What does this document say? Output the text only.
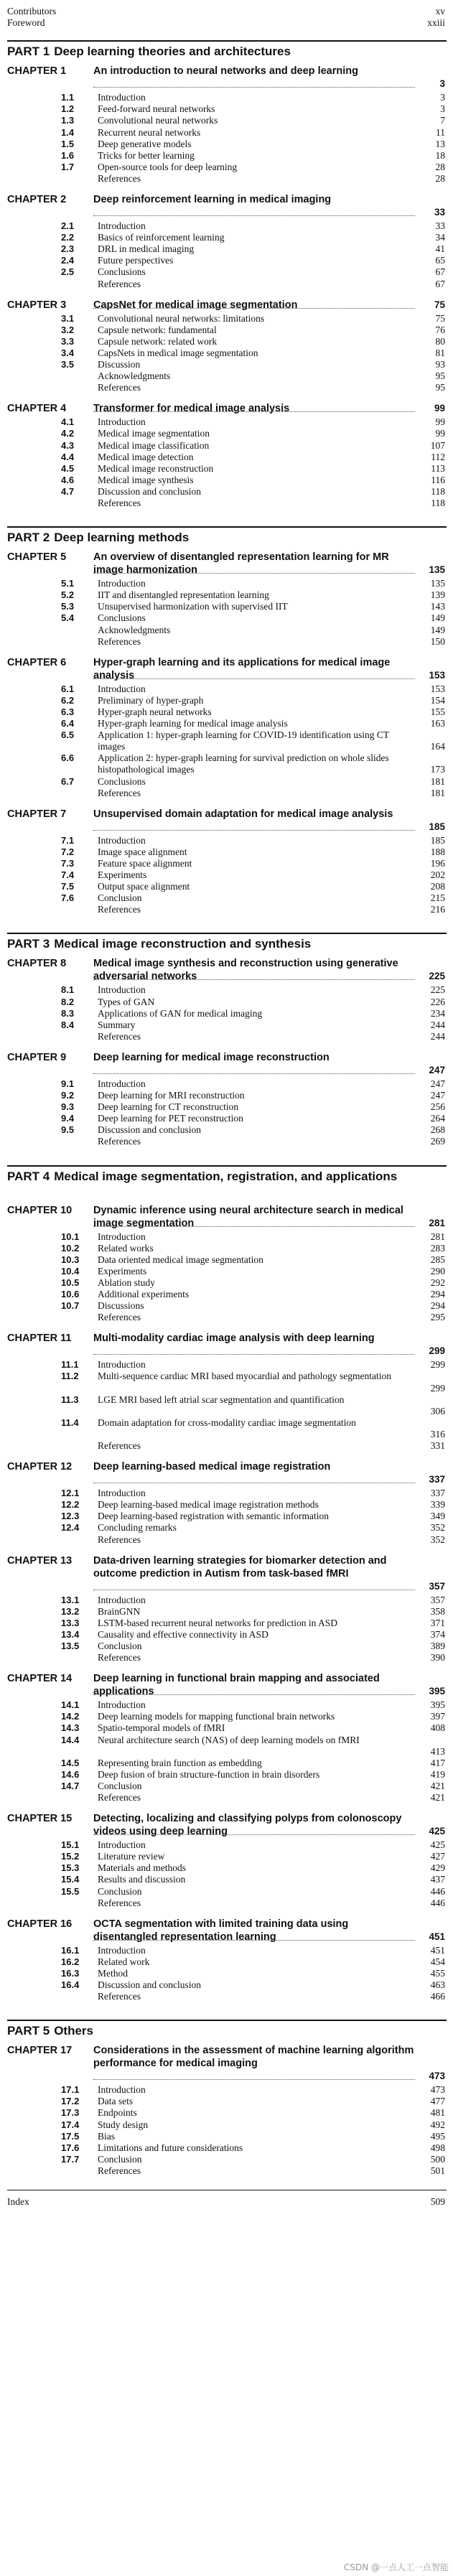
Contributors	xv
Foreword	xxiii
PART 1 Deep learning theories and architectures
CHAPTER 1	An introduction to neural networks and deep learning
3
1.1	Introduction	3
1.2	Feed-forward neural networks	3
1.3	Convolutional neural networks	7
1.4	Recurrent neural networks	11
1.5	Deep generative models	13
1.6	Tricks for better learning	18
1.7	Open-source tools for deep learning	28
References	28
CHAPTER 2	Deep reinforcement learning in medical imaging
33
2.1	Introduction	33
2.2	Basics of reinforcement learning	34
2.3	DRL in medical imaging	41
2.4	Future perspectives	65
2.5	Conclusions	67
References	67
CHAPTER 3	CapsNet for medical image segmentation	75
3.1	Convolutional neural networks: limitations	75
3.2	Capsule network: fundamental	76
3.3	Capsule network: related work	80
3.4	CapsNets in medical image segmentation	81
3.5	Discussion	93
Acknowledgments	95
References	95
CHAPTER 4	Transformer for medical image analysis	99
4.1	Introduction	99
4.2	Medical image segmentation	99
4.3	Medical image classification	107
4.4	Medical image detection	112
4.5	Medical image reconstruction	113
4.6	Medical image synthesis	116
4.7	Discussion and conclusion	118
References	118
PART 2 Deep learning methods
CHAPTER 5	An overview of disentangled representation learning for MR image harmonization	135
5.1	Introduction	135
5.2	IIT and disentangled representation learning	139
5.3	Unsupervised harmonization with supervised IIT	143
5.4	Conclusions	149
Acknowledgments	149
References	150
CHAPTER 6	Hyper-graph learning and its applications for medical image analysis	153
6.1	Introduction	153
6.2	Preliminary of hyper-graph	154
6.3	Hyper-graph neural networks	155
6.4	Hyper-graph learning for medical image analysis	163
6.5	Application 1: hyper-graph learning for COVID-19 identification using CT images	164
6.6	Application 2: hyper-graph learning for survival prediction on whole slides histopathological images	173
6.7	Conclusions	181
References	181
CHAPTER 7	Unsupervised domain adaptation for medical image analysis
185
7.1	Introduction	185
7.2	Image space alignment	188
7.3	Feature space alignment	196
7.4	Experiments	202
7.5	Output space alignment	208
7.6	Conclusion	215
References	216
PART 3 Medical image reconstruction and synthesis
CHAPTER 8	Medical image synthesis and reconstruction using generative adversarial networks	225
8.1	Introduction	225
8.2	Types of GAN	226
8.3	Applications of GAN for medical imaging	234
8.4	Summary	244
References	244
CHAPTER 9	Deep learning for medical image reconstruction
247
9.1	Introduction	247
9.2	Deep learning for MRI reconstruction	247
9.3	Deep learning for CT reconstruction	256
9.4	Deep learning for PET reconstruction	264
9.5	Discussion and conclusion	268
References	269
PART 4 Medical image segmentation, registration, and applications
CHAPTER 10	Dynamic inference using neural architecture search in medical image segmentation	281
10.1	Introduction	281
10.2	Related works	283
10.3	Data oriented medical image segmentation	285
10.4	Experiments	290
10.5	Ablation study	292
10.6	Additional experiments	294
10.7	Discussions	294
References	295
CHAPTER 11	Multi-modality cardiac image analysis with deep learning
299
11.1	Introduction	299
11.2	Multi-sequence cardiac MRI based myocardial and pathology segmentation
299
11.3	LGE MRI based left atrial scar segmentation and quantification
306
11.4	Domain adaptation for cross-modality cardiac image segmentation
316
References	331
CHAPTER 12	Deep learning-based medical image registration
337
12.1	Introduction	337
12.2	Deep learning-based medical image registration methods	339
12.3	Deep learning-based registration with semantic information	349
12.4	Concluding remarks	352
References	352
CHAPTER 13	Data-driven learning strategies for biomarker detection and outcome prediction in Autism from task-based fMRI
357
13.1	Introduction	357
13.2	BrainGNN	358
13.3	LSTM-based recurrent neural networks for prediction in ASD	371
13.4	Causality and effective connectivity in ASD	374
13.5	Conclusion	389
References	390
CHAPTER 14	Deep learning in functional brain mapping and associated applications	395
14.1	Introduction	395
14.2	Deep learning models for mapping functional brain networks	397
14.3	Spatio-temporal models of fMRI	408
14.4	Neural architecture search (NAS) of deep learning models on fMRI
413
14.5	Representing brain function as embedding	417
14.6	Deep fusion of brain structure-function in brain disorders	419
14.7	Conclusion	421
References	421
CHAPTER 15	Detecting, localizing and classifying polyps from colonoscopy videos using deep learning	425
15.1	Introduction	425
15.2	Literature review	427
15.3	Materials and methods	429
15.4	Results and discussion	437
15.5	Conclusion	446
References	446
CHAPTER 16	OCTA segmentation with limited training data using disentangled representation learning	451
16.1	Introduction	451
16.2	Related work	454
16.3	Method	455
16.4	Discussion and conclusion	463
References	466
PART 5 Others
CHAPTER 17	Considerations in the assessment of machine learning algorithm performance for medical imaging
473
17.1	Introduction	473
17.2	Data sets	477
17.3	Endpoints	481
17.4	Study design	492
17.5	Bias	495
17.6	Limitations and future considerations	498
17.7	Conclusion	500
References	501
Index	509
CSDN @一点人工一点智能
